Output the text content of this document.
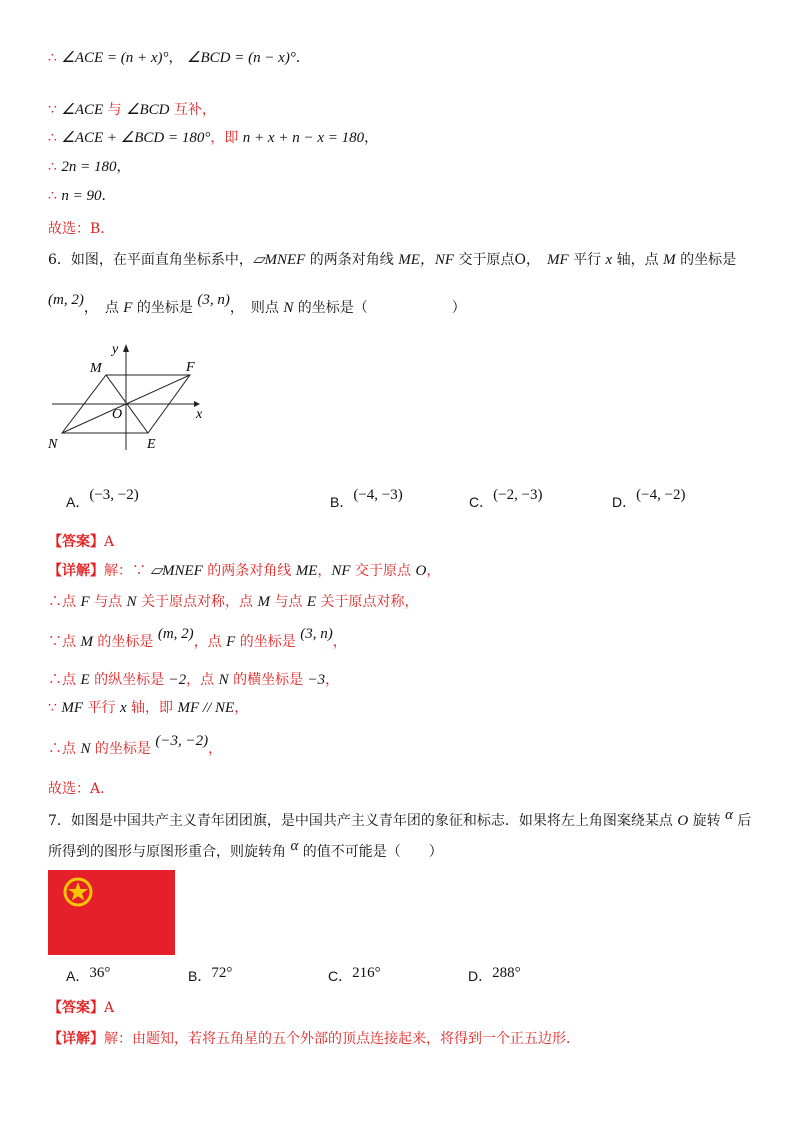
∴ ∠ACE = (n + x)°， ∠BCD = (n − x)°．
∵ ∠ACE 与 ∠BCD 互补，
∴ ∠ACE + ∠BCD = 180°，即 n + x + n − x = 180，
∴ 2n = 180，
∴ n = 90．
故选：B．
6．如图，在平面直角坐标系中，▱MNEF 的两条对角线 ME，NF 交于原点O，　MF 平行 x 轴，点 M 的坐标是
(m, 2)，　点 F 的坐标是 (3, n)，　则点 N 的坐标是（　　　　　　）
M	F
N	E
O	x
y
A．(−3, −2)	B．(−4, −3)	C．(−2, −3)	D．(−4, −2)
【答案】A
【详解】解：∵ ▱MNEF 的两条对角线 ME，NF 交于原点 O，
∴点 F 与点 N 关于原点对称，点 M 与点 E 关于原点对称，
∵点 M 的坐标是 (m, 2)，点 F 的坐标是 (3, n)，
∴点 E 的纵坐标是 −2，点 N 的横坐标是 −3，
∵ MF 平行 x 轴，即 MF // NE，
∴点 N 的坐标是 (−3, −2)，
故选：A．
7．如图是中国共产主义青年团团旗，是中国共产主义青年团的象征和标志．如果将左上角图案绕某点 O 旋转 α 后
所得到的图形与原图形重合，则旋转角 α 的值不可能是（　　）
A．36°	B．72°	C．216°	D．288°
【答案】A
【详解】解：由题知，若将五角星的五个外部的顶点连接起来，将得到一个正五边形．
